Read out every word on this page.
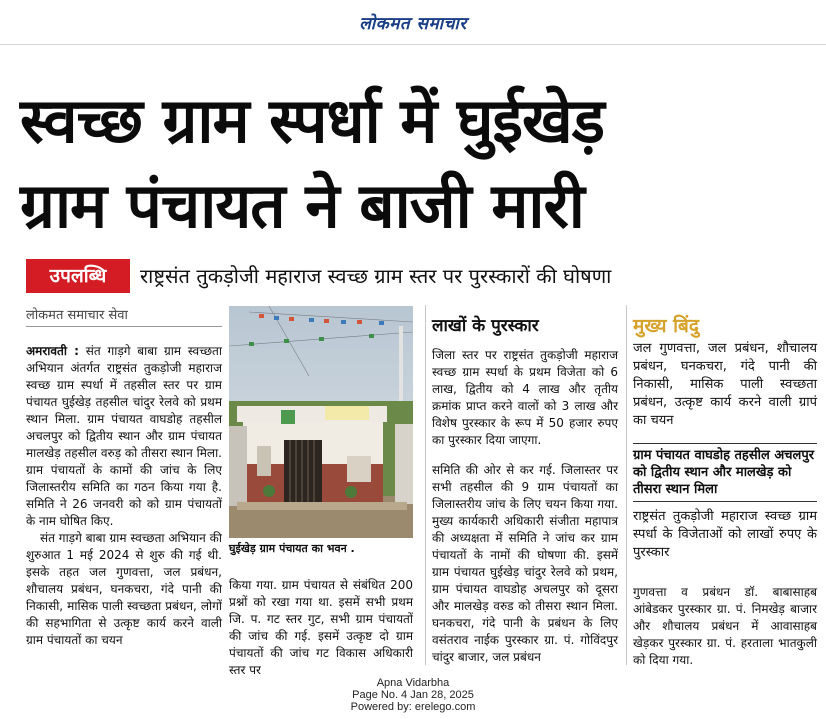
लोकमत समाचार
स्वच्छ ग्राम स्पर्धा में घुईखेड़
ग्राम पंचायत ने बाजी मारी
उपलब्धि	राष्ट्रसंत तुकड़ोजी महाराज स्वच्छ ग्राम स्तर पर पुरस्कारों की घोषणा
लोकमत समाचार सेवा

अमरावती : संत गाड़गे बाबा ग्राम स्वच्छता अभियान अंतर्गत राष्ट्रसंत तुकड़ोजी महाराज स्वच्छ ग्राम स्पर्धा में तहसील स्तर पर ग्राम पंचायत घुईखेड़ तहसील चांदुर रेलवे को प्रथम स्थान मिला. ग्राम पंचायत वाघडोह तहसील अचलपुर को द्वितीय स्थान और ग्राम पंचायत मालखेड़ तहसील वरुड़ को तीसरा स्थान मिला. ग्राम पंचायतों के कामों की जांच के लिए जिलास्तरीय समिति का गठन किया गया है. समिति ने 26 जनवरी को को ग्राम पंचायतों के नाम घोषित किए.

संत गाड़गे बाबा ग्राम स्वच्छता अभियान की शुरुआत 1 मई 2024 से शुरु की गई थी. इसके तहत जल गुणवत्ता, जल प्रबंधन, शौचालय प्रबंधन, घनकचरा, गंदे पानी की निकासी, मासिक पाली स्वच्छता प्रबंधन, लोगों की सहभागिता से उत्कृष्ट कार्य करने वाली ग्राम पंचायतों का चयन

घुईखेड़ ग्राम पंचायत का भवन .

किया गया. ग्राम पंचायत से संबंधित 200 प्रश्नों को रखा गया था. इसमें सभी प्रथम जि. प. गट स्तर गुट, सभी ग्राम पंचायतों की जांच की गई. इसमें उत्कृष्ट दो ग्राम पंचायतों की जांच गट विकास अधिकारी स्तर पर

लाखों के पुरस्कार

जिला स्तर पर राष्ट्रसंत तुकड़ोजी महाराज स्वच्छ ग्राम स्पर्धा के प्रथम विजेता को 6 लाख, द्वितीय को 4 लाख और तृतीय क्रमांक प्राप्त करने वालों को 3 लाख और विशेष पुरस्कार के रूप में 50 हजार रुपए का पुरस्कार दिया जाएगा.

समिति की ओर से कर गई. जिलास्तर पर सभी तहसील की 9 ग्राम पंचायतों का जिलास्तरीय जांच के लिए चयन किया गया. मुख्य कार्यकारी अधिकारी संजीता महापात्र की अध्यक्षता में समिति ने जांच कर ग्राम पंचायतों के नामों की घोषणा की. इसमें ग्राम पंचायत घुईखेड़ चांदुर रेलवे को प्रथम, ग्राम पंचायत वाघडोह अचलपुर को दूसरा और मालखेड़ वरुड को तीसरा स्थान मिला. घनकचरा, गंदे पानी के प्रबंधन के लिए वसंतराव नाईक पुरस्कार ग्रा. पं. गोविंदपुर चांदुर बाजार, जल प्रबंधन

मुख्य बिंदु

जल गुणवत्ता, जल प्रबंधन, शौचालय प्रबंधन, घनकचरा, गंदे पानी की निकासी, मासिक पाली स्वच्छता प्रबंधन, उत्कृष्ट कार्य करने वाली ग्रापं का चयन

ग्राम पंचायत वाघडोह तहसील अचलपुर को द्वितीय स्थान और मालखेड़ को तीसरा स्थान मिला

राष्ट्रसंत तुकड़ोजी महाराज स्वच्छ ग्राम स्पर्धा के विजेताओं को लाखों रुपए के पुरस्कार

गुणवत्ता व प्रबंधन डॉ. बाबासाहब आंबेडकर पुरस्कार ग्रा. पं. निमखेड़ बाजार और शौचालय प्रबंधन में आवासाहब खेड़कर पुरस्कार ग्रा. पं. हरताला भातकुली को दिया गया.

Apna Vidarbha
Page No. 4 Jan 28, 2025
Powered by: erelego.com
